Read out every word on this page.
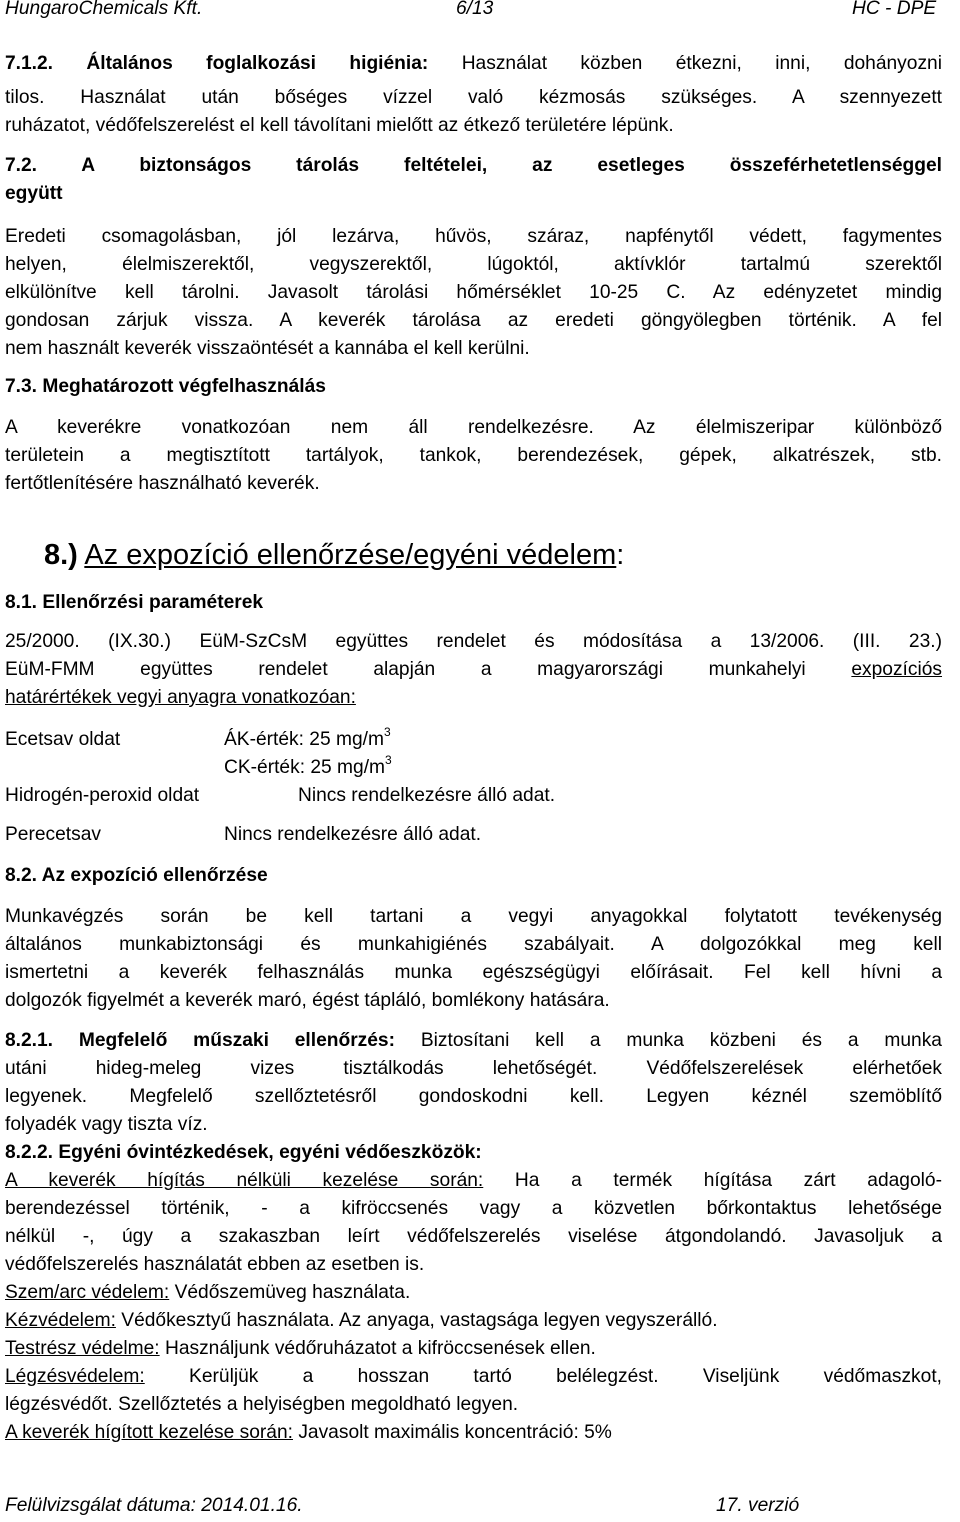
HungaroChemicals Kft.	6/13	HC - DPE
7.1.2. Általános foglalkozási higiénia: Használat közben étkezni, inni, dohányozni
tilos. Használat után bőséges vízzel való kézmosás szükséges. A szennyezett
ruházatot, védőfelszerelést el kell távolítani mielőtt az étkező területére lépünk.
7.2. A biztonságos tárolás feltételei, az esetleges összeférhetetlenséggel
együtt
Eredeti csomagolásban, jól lezárva, hűvös, száraz, napfénytől védett, fagymentes
helyen, élelmiszerektől, vegyszerektől, lúgoktól, aktívklór tartalmú szerektől
elkülönítve kell tárolni. Javasolt tárolási hőmérséklet 10-25 C. Az edényzetet mindig
gondosan zárjuk vissza. A keverék tárolása az eredeti göngyölegben történik. A fel
nem használt keverék visszaöntését a kannába el kell kerülni.
7.3. Meghatározott végfelhasználás
A keverékre vonatkozóan nem áll rendelkezésre. Az élelmiszeripar különböző
területein a megtisztított tartályok, tankok, berendezések, gépek, alkatrészek, stb.
fertőtlenítésére használható keverék.
8.) Az expozíció ellenőrzése/egyéni védelem:
8.1. Ellenőrzési paraméterek
25/2000. (IX.30.) EüM-SzCsM együttes rendelet és módosítása a 13/2006. (III. 23.)
EüM-FMM együttes rendelet alapján a magyarországi munkahelyi expozíciós
határértékek vegyi anyagra vonatkozóan:
Ecetsav oldat	ÁK-érték: 25 $mg/m^3$
CK-érték: 25 $mg/m^3$
Hidrogén-peroxid oldat	Nincs rendelkezésre álló adat.
Perecetsav	Nincs rendelkezésre álló adat.
8.2. Az expozíció ellenőrzése
Munkavégzés során be kell tartani a vegyi anyagokkal folytatott tevékenység
általános munkabiztonsági és munkahigiénés szabályait. A dolgozókkal meg kell
ismertetni a keverék felhasználás munka egészségügyi előírásait. Fel kell hívni a
dolgozók figyelmét a keverék maró, égést tápláló, bomlékony hatására.
8.2.1. Megfelelő műszaki ellenőrzés: Biztosítani kell a munka közbeni és a munka
utáni hideg-meleg vizes tisztálkodás lehetőségét. Védőfelszerelések elérhetőek
legyenek. Megfelelő szellőztetésről gondoskodni kell. Legyen kéznél szemöblítő
folyadék vagy tiszta víz.
8.2.2. Egyéni óvintézkedések, egyéni védőeszközök:
A keverék hígítás nélküli kezelése során: Ha a termék hígítása zárt adagoló-
berendezéssel történik, - a kifröccsenés vagy a közvetlen bőrkontaktus lehetősége
nélkül -, úgy a szakaszban leírt védőfelszerelés viselése átgondolandó. Javasoljuk a
védőfelszerelés használatát ebben az esetben is.
Szem/arc védelem: Védőszemüveg használata.
Kézvédelem: Védőkesztyű használata. Az anyaga, vastagsága legyen vegyszerálló.
Testrész védelme: Használjunk védőruházatot a kifröccsenések ellen.
Légzésvédelem: Kerüljük a hosszan tartó belélegzést. Viseljünk védőmaszkot,
légzésvédőt. Szellőztetés a helyiségben megoldható legyen.
A keverék hígított kezelése során: Javasolt maximális koncentráció: 5%
Felülvizsgálat dátuma: 2014.01.16.	17. verzió
